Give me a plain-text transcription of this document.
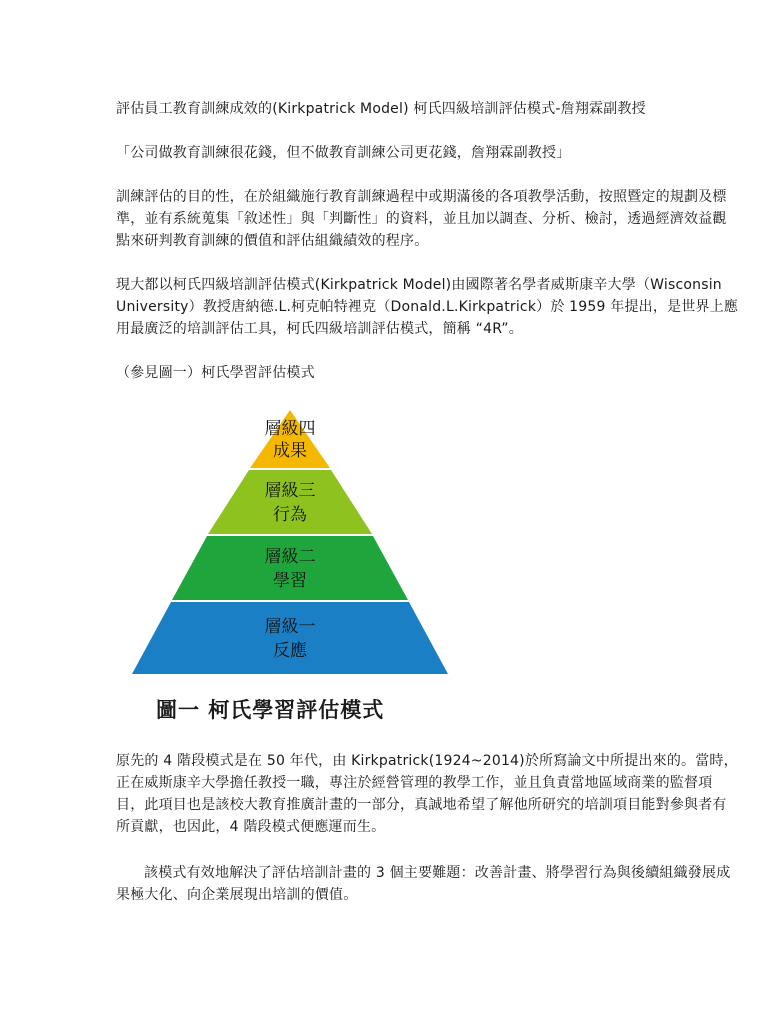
評估員工教育訓練成效的(Kirkpatrick Model) 柯氏四級培訓評估模式-詹翔霖副教授

「公司做教育訓練很花錢，但不做教育訓練公司更花錢，詹翔霖副教授」

訓練評估的目的性，在於組織施行教育訓練過程中或期滿後的各項教學活動，按照暨定的規劃及標準，並有系統蒐集「敘述性」與「判斷性」的資料，並且加以調查、分析、檢討，透過經濟效益觀點來研判教育訓練的價值和評估組織績效的程序。

現大都以柯氏四級培訓評估模式(Kirkpatrick Model)由國際著名學者威斯康辛大學（Wisconsin University）教授唐納德.L.柯克帕特裡克（Donald.L.Kirkpatrick）於 1959 年提出，是世界上應用最廣泛的培訓評估工具，柯氏四級培訓評估模式，簡稱 “4R”。

（參見圖一）柯氏學習評估模式

層級四
成果
層級三
行為
層級二
學習
層級一
反應
圖一 柯氏學習評估模式

原先的 4 階段模式是在 50 年代，由 Kirkpatrick(1924~2014)於所寫論文中所提出來的。當時，正在威斯康辛大學擔任教授一職，專注於經營管理的教學工作，並且負責當地區域商業的監督項目，此項目也是該校大教育推廣計畫的一部分，真誠地希望了解他所研究的培訓項目能對參與者有所貢獻，也因此，4 階段模式便應運而生。

該模式有效地解決了評估培訓計畫的 3 個主要難題：改善計畫、將學習行為與後續組織發展成果極大化、向企業展現出培訓的價值。
